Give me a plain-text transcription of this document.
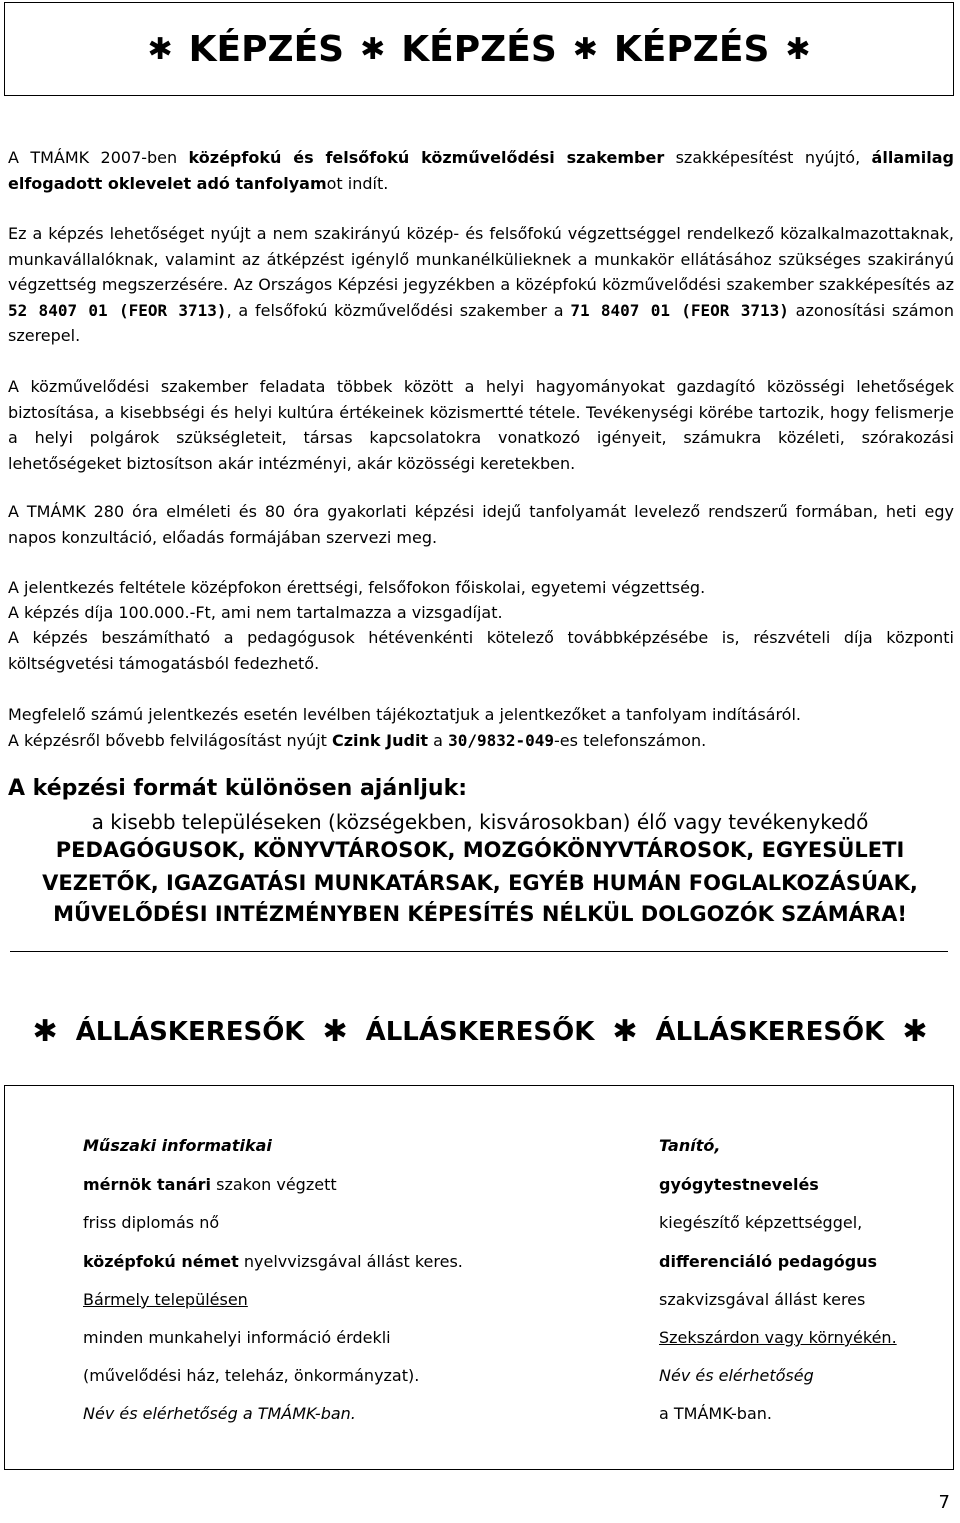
✱ KÉPZÉS ✱ KÉPZÉS ✱ KÉPZÉS ✱

A TMÁMK 2007-ben középfokú és felsőfokú közművelődési szakember szakképesítést nyújtó, államilag elfogadott oklevelet adó tanfolyamot indít.

Ez a képzés lehetőséget nyújt a nem szakirányú közép- és felsőfokú végzettséggel rendelkező közalkalmazottaknak, munkavállalóknak, valamint az átképzést igénylő munkanélkülieknek a munkakör ellátásához szükséges szakirányú végzettség megszerzésére. Az Országos Képzési jegyzékben a középfokú közművelődési szakember szakképesítés az 52 8407 01 (FEOR 3713), a felsőfokú közművelődési szakember a 71 8407 01 (FEOR 3713) azonosítási számon szerepel.

A közművelődési szakember feladata többek között a helyi hagyományokat gazdagító közösségi lehetőségek biztosítása, a kisebbségi és helyi kultúra értékeinek közismertté tétele. Tevékenységi körébe tartozik, hogy felismerje a helyi polgárok szükségleteit, társas kapcsolatokra vonatkozó igényeit, számukra közéleti, szórakozási lehetőségeket biztosítson akár intézményi, akár közösségi keretekben.

A TMÁMK 280 óra elméleti és 80 óra gyakorlati képzési idejű tanfolyamát levelező rendszerű formában, heti egy napos konzultáció, előadás formájában szervezi meg.

A jelentkezés feltétele középfokon érettségi, felsőfokon főiskolai, egyetemi végzettség.

A képzés díja 100.000.-Ft, ami nem tartalmazza a vizsgadíjat.

A képzés beszámítható a pedagógusok hétévenkénti kötelező továbbképzésébe is, részvételi díja központi költségvetési támogatásból fedezhető.

Megfelelő számú jelentkezés esetén levélben tájékoztatjuk a jelentkezőket a tanfolyam indításáról.

A képzésről bővebb felvilágosítást nyújt Czink Judit a 30/9832-049-es telefonszámon.

A képzési formát különösen ajánljuk:

a kisebb településeken (községekben, kisvárosokban) élő vagy tevékenykedő

PEDAGÓGUSOK, KÖNYVTÁROSOK, MOZGÓKÖNYVTÁROSOK, EGYESÜLETI

VEZETŐK, IGAZGATÁSI MUNKATÁRSAK, EGYÉB HUMÁN FOGLALKOZÁSÚAK,

MŰVELŐDÉSI INTÉZMÉNYBEN KÉPESÍTÉS NÉLKÜL DOLGOZÓK SZÁMÁRA!

✱ ÁLLÁSKERESŐK ✱ ÁLLÁSKERESŐK ✱ ÁLLÁSKERESŐK ✱

Műszaki informatikai

mérnök tanári szakon végzett

friss diplomás nő

középfokú német nyelvvizsgával állást keres.

Bármely településen

minden munkahelyi információ érdekli

(művelődési ház, teleház, önkormányzat).

Név és elérhetőség a TMÁMK-ban.

Tanító,

gyógytestnevelés

kiegészítő képzettséggel,

differenciáló pedagógus

szakvizsgával állást keres

Szekszárdon vagy környékén.

Név és elérhetőség

a TMÁMK-ban.

7
